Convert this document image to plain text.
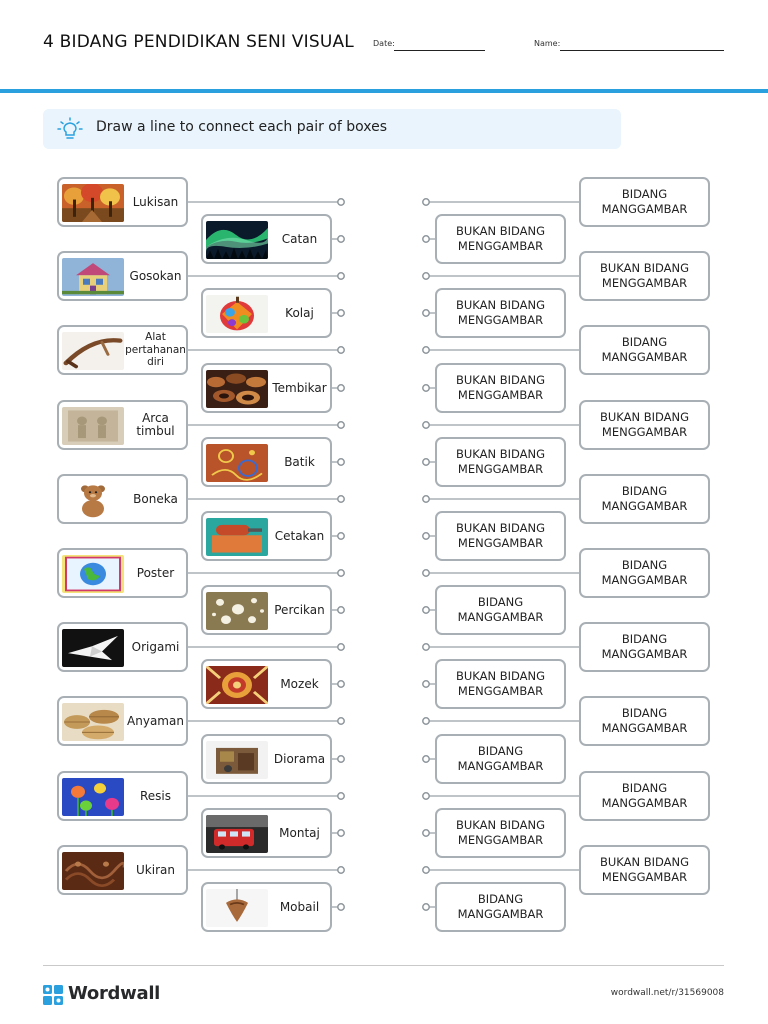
4 BIDANG PENDIDIKAN SENI VISUAL Date:	Name:
Draw a line to connect each pair of boxes
Lukisan
Catan
Gosokan
Kolaj
Alat
pertahanan
diri
Tembikar
Arca
timbul
Batik
Boneka
Cetakan
Poster
Percikan
Origami
Mozek
Anyaman
Diorama
Resis
Montaj
Ukiran
Mobail
BIDANG
MANGGAMBAR
BUKAN BIDANG
MENGGAMBAR
BUKAN BIDANG
MENGGAMBAR
BUKAN BIDANG
MENGGAMBAR
BIDANG
MANGGAMBAR
BUKAN BIDANG
MENGGAMBAR
BUKAN BIDANG
MENGGAMBAR
BUKAN BIDANG
MENGGAMBAR
BIDANG
MANGGAMBAR
BUKAN BIDANG
MENGGAMBAR
BIDANG
MANGGAMBAR
BIDANG
MANGGAMBAR
BIDANG
MANGGAMBAR
BUKAN BIDANG
MENGGAMBAR
BIDANG
MANGGAMBAR
BIDANG
MANGGAMBAR
BIDANG
MANGGAMBAR
BUKAN BIDANG
MENGGAMBAR
BUKAN BIDANG
MENGGAMBAR
BIDANG
MANGGAMBAR
Wordwall	wordwall.net/r/31569008
